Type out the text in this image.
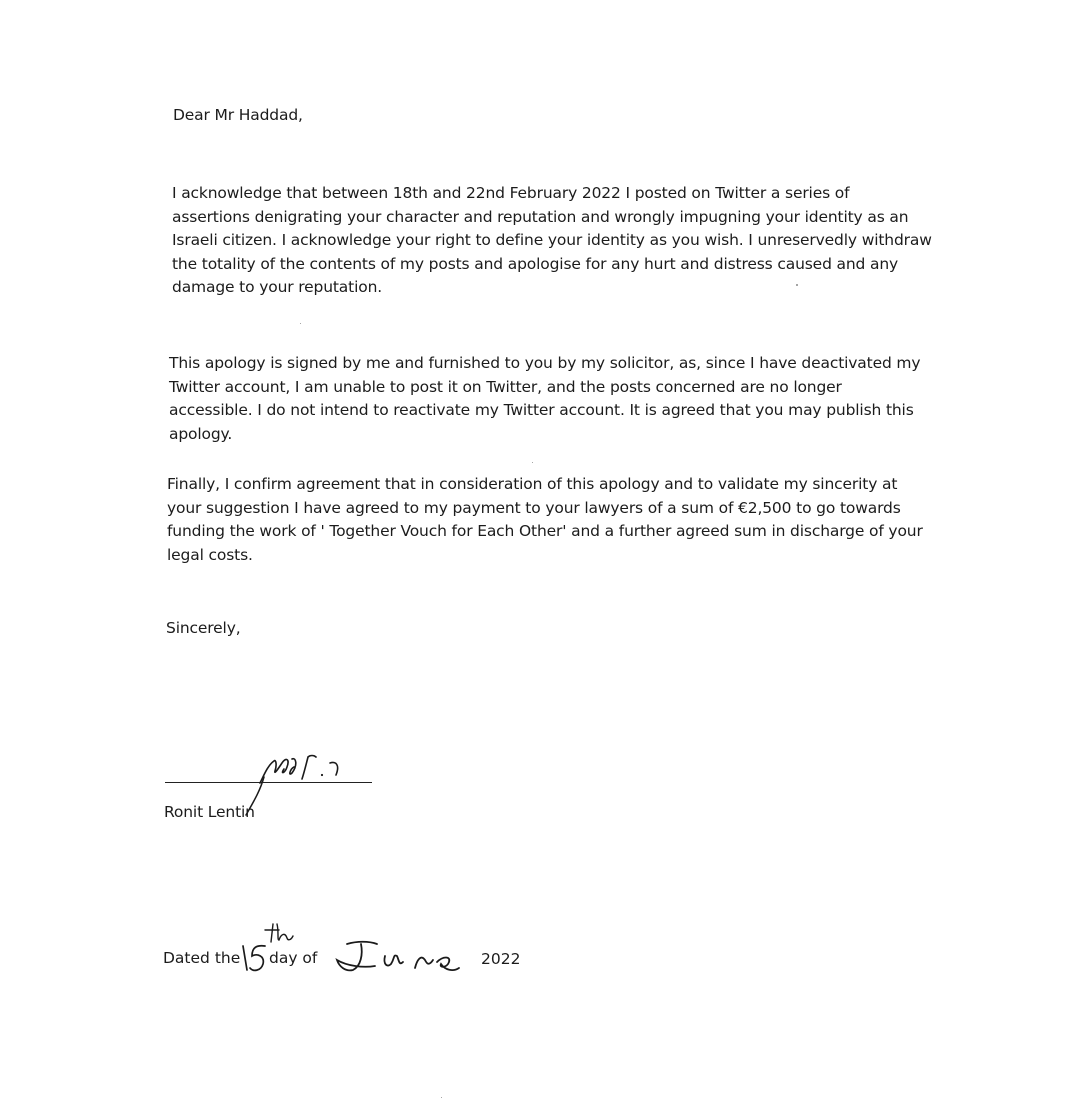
Dear Mr Haddad,

I acknowledge that between 18th and 22nd February 2022 I posted on Twitter a series of assertions denigrating your character and reputation and wrongly impugning your identity as an Israeli citizen. I acknowledge your right to define your identity as you wish. I unreservedly withdraw the totality of the contents of my posts and apologise for any hurt and distress caused and any damage to your reputation.

This apology is signed by me and furnished to you by my solicitor, as, since I have deactivated my Twitter account, I am unable to post it on Twitter, and the posts concerned are no longer accessible. I do not intend to reactivate my Twitter account. It is agreed that you may publish this apology.

Finally, I confirm agreement that in consideration of this apology and to validate my sincerity at your suggestion I have agreed to my payment to your lawyers of a sum of €2,500 to go towards funding the work of ' Together Vouch for Each Other' and a further agreed sum in discharge of your legal costs.

Sincerely,

Ronit Lentin

Dated the day of	2022
